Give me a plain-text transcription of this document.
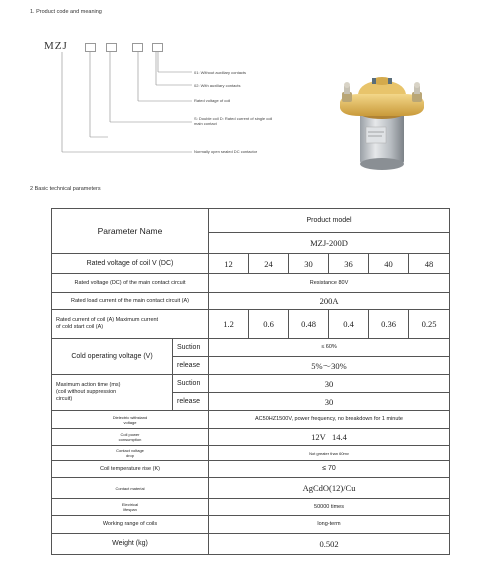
1. Product code and meaning
MZJ
01: Without auxiliary contacts
02: With auxiliary contacts
Rated voltage of coil
S: Double coil D: Rated current of single coil main contact
Normally open sealed DC contactor
2 Basic technical parameters
Parameter Name		Product model					
		MZJ-200D					
Rated voltage of coil V (DC)		12	24	30	36	40	48
Rated voltage (DC) of the main contact circuit		Resistance 80V					
Rated load current of the main contact circuit (A)		200A					

Rated current of coil (A) Maximum current
of cold start coil (A)		1.2	0.6	0.48	0.4	0.36	0.25
Cold operating voltage (V)	Suction	≤ 60%					
	release	5%～30%					

Maximum action time (ms)
(coil without suppression
circuit)	Suction	30					
	release	30					

Dielectric withstand
voltage		AC50HZ1500V, power frequency, no breakdown for 1 minute					

Coil power
consumption		12V   14.4					

Contact voltage
drop		Not greater than 60mv					
Coil temperature rise (K)		≤ 70					
Contact material		AgCdO(12)/Cu					

Electrical
lifespan		50000 times					
Working range of coils		long-term					
Weight (kg)		0.502					
